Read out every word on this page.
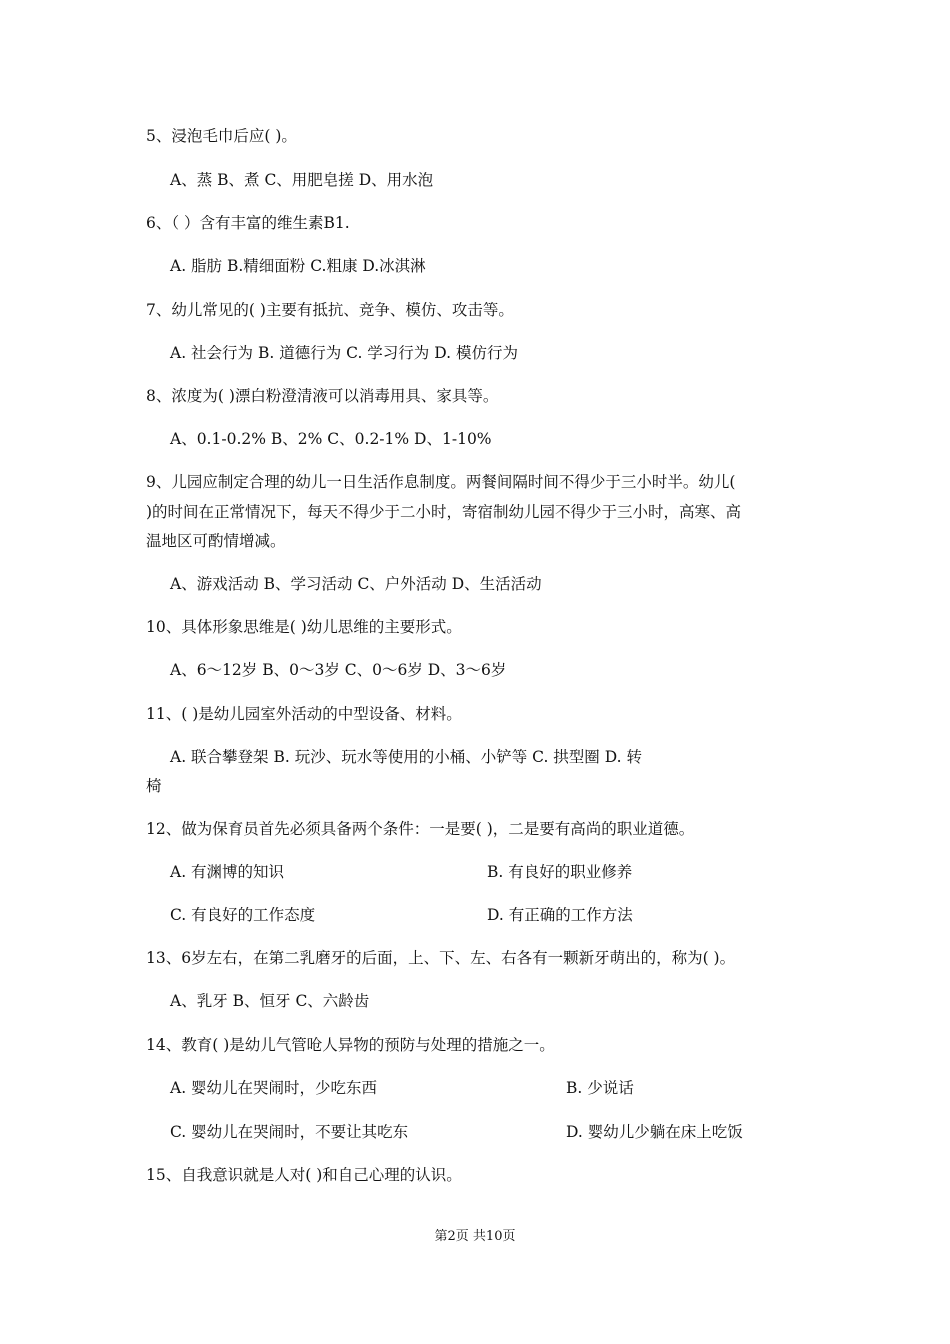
5、浸泡毛巾后应( )。
A、蒸 B、煮 C、用肥皂搓 D、用水泡
6、（ ）含有丰富的维生素B1.
A. 脂肪 B.精细面粉 C.粗康 D.冰淇淋
7、幼儿常见的( )主要有抵抗、竞争、模仿、攻击等。
A. 社会行为 B. 道德行为 C. 学习行为 D. 模仿行为
8、浓度为( )漂白粉澄清液可以消毒用具、家具等。
A、0.1-0.2% B、2% C、0.2-1% D、1-10%
9、儿园应制定合理的幼儿一日生活作息制度。两餐间隔时间不得少于三小时半。幼儿(
)的时间在正常情况下，每天不得少于二小时，寄宿制幼儿园不得少于三小时，高寒、高
温地区可酌情增减。
A、游戏活动 B、学习活动 C、户外活动 D、生活活动
10、具体形象思维是( )幼儿思维的主要形式。
A、6～12岁 B、0～3岁 C、0～6岁 D、3～6岁
11、( )是幼儿园室外活动的中型设备、材料。
A. 联合攀登架 B. 玩沙、玩水等使用的小桶、小铲等 C. 拱型圈 D. 转
椅
12、做为保育员首先必须具备两个条件：一是要( )，二是要有高尚的职业道德。
A. 有渊博的知识	B. 有良好的职业修养
C. 有良好的工作态度	D. 有正确的工作方法
13、6岁左右，在第二乳磨牙的后面，上、下、左、右各有一颗新牙萌出的，称为( )。
A、乳牙 B、恒牙 C、六龄齿
14、教育( )是幼儿气管呛人异物的预防与处理的措施之一。
A. 婴幼儿在哭闹时，少吃东西	B. 少说话
C. 婴幼儿在哭闹时，不要让其吃东	D. 婴幼儿少躺在床上吃饭
15、自我意识就是人对( )和自己心理的认识。
第2页 共10页
